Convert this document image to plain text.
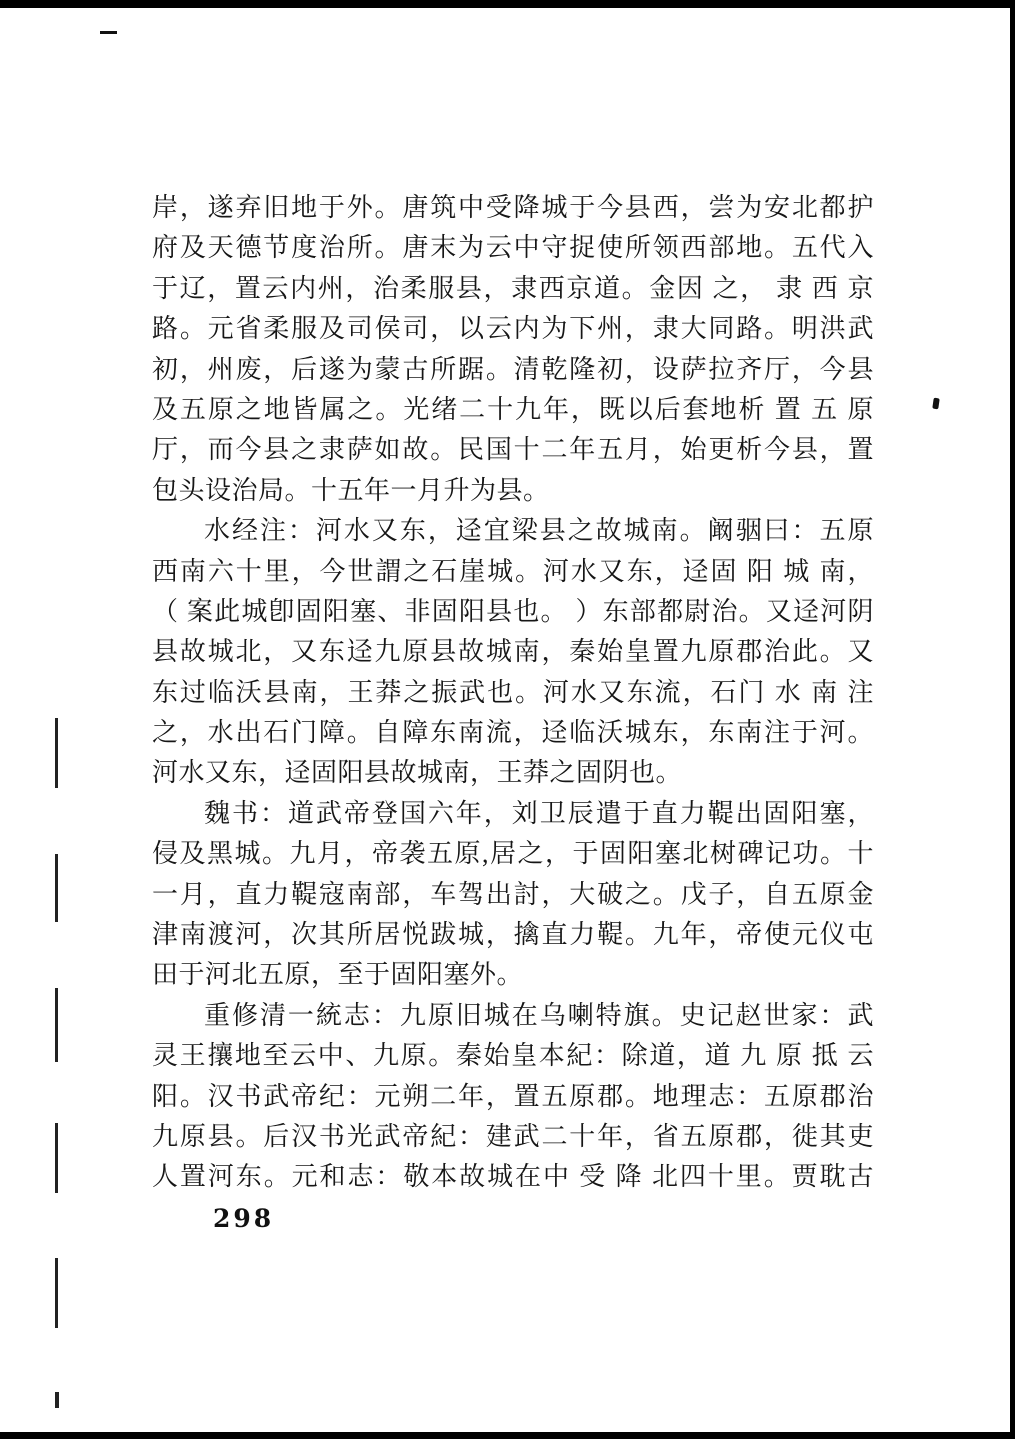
岸，遂弃旧地于外。唐筑中受降城于今县西，尝为安北都护
府及天德节度治所。唐末为云中守捉使所领西部地。五代入
于辽，置云内州，治柔服县，隶西京道。金因 之， 隶 西 京
路。元省柔服及司侯司，以云内为下州，隶大同路。明洪武
初，州废，后遂为蒙古所踞。清乾隆初，设萨拉齐厅，今县
及五原之地皆属之。光绪二十九年，既以后套地析 置 五 原
厅，而今县之隶萨如故。民国十二年五月，始更析今县，置
包头设治局。十五年一月升为县。
水经注：河水又东，迳宜梁县之故城南。阚骃曰：五原
西南六十里，今世謂之石崖城。河水又东，迳固 阳 城 南，
（ 案此城卽固阳塞、非固阳县也。 ）东部都尉治。又迳河阴
县故城北，又东迳九原县故城南，秦始皇置九原郡治此。又
东过临沃县南，王莽之振武也。河水又东流，石门 水 南 注
之，水出石门障。自障东南流，迳临沃城东，东南注于河。
河水又东，迳固阳县故城南，王莽之固阴也。
魏书：道武帝登国六年，刘卫辰遣于直力鞮出固阳塞，
侵及黑城。九月，帝袭五原,居之，于固阳塞北树碑记功。十
一月，直力鞮寇南部，车驾出討，大破之。戊子，自五原金
津南渡河，次其所居悦跋城，擒直力鞮。九年，帝使元仪屯
田于河北五原，至于固阳塞外。
重修清一統志：九原旧城在乌喇特旗。史记赵世家：武
灵王攘地至云中、九原。秦始皇本紀：除道，道 九 原 抵 云
阳。汉书武帝纪：元朔二年，置五原郡。地理志：五原郡治
九原县。后汉书光武帝紀：建武二十年，省五原郡，徙其吏
人置河东。元和志：敬本故城在中 受 降 北四十里。贾耽古
298
